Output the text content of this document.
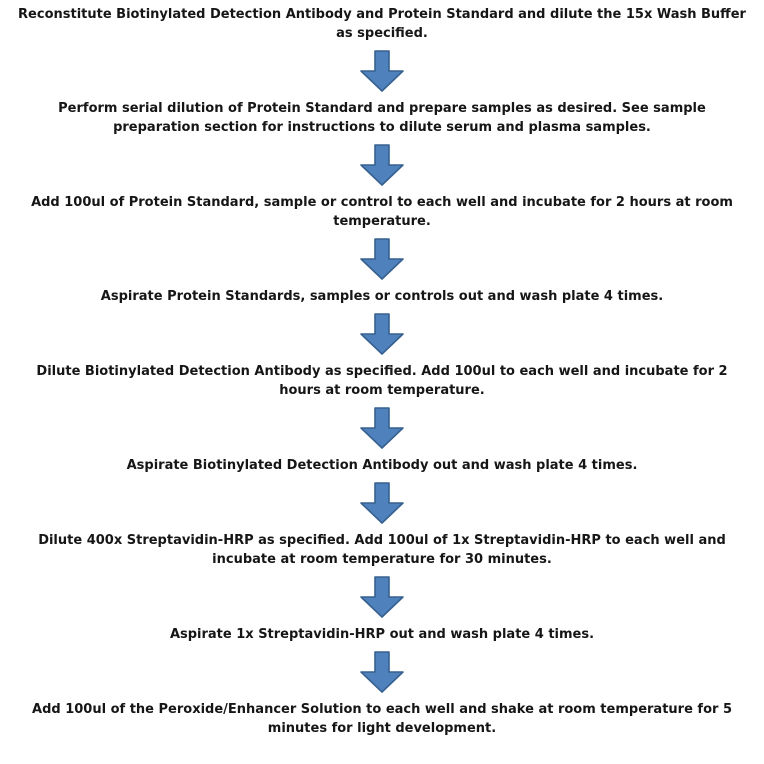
Reconstitute Biotinylated Detection Antibody and Protein Standard and dilute the 15x Wash Buffer
as specified.
Perform serial dilution of Protein Standard and prepare samples as desired. See sample
preparation section for instructions to dilute serum and plasma samples.
Add 100ul of Protein Standard, sample or control to each well and incubate for 2 hours at room
temperature.
Aspirate Protein Standards, samples or controls out and wash plate 4 times.
Dilute Biotinylated Detection Antibody as specified. Add 100ul to each well and incubate for 2
hours at room temperature.
Aspirate Biotinylated Detection Antibody out and wash plate 4 times.
Dilute 400x Streptavidin-HRP as specified. Add 100ul of 1x Streptavidin-HRP to each well and
incubate at room temperature for 30 minutes.
Aspirate 1x Streptavidin-HRP out and wash plate 4 times.
Add 100ul of the Peroxide/Enhancer Solution to each well and shake at room temperature for 5
minutes for light development.
